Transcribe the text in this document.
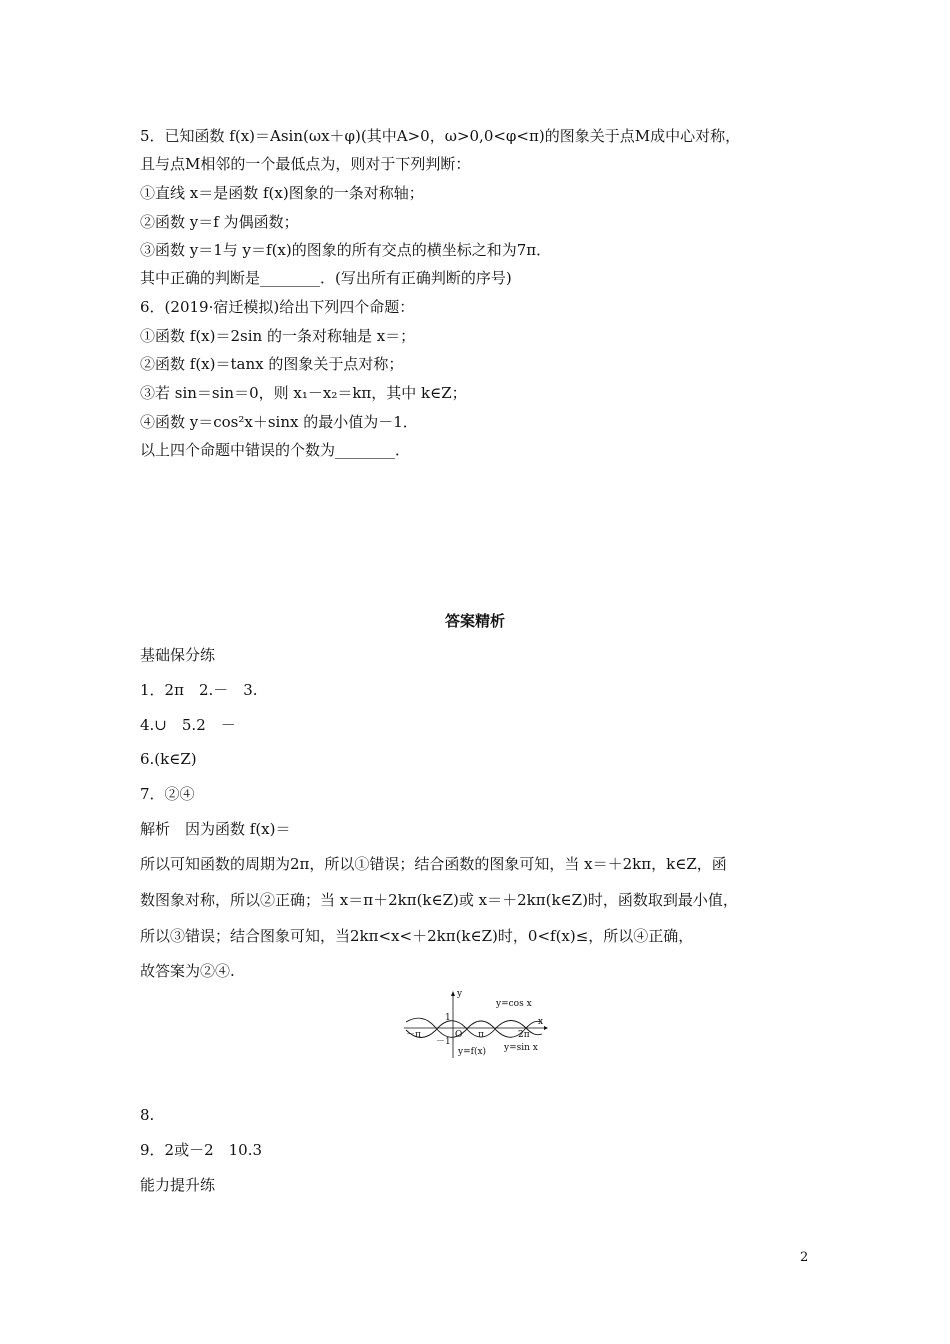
5．已知函数 f(x)＝Asin(ωx＋φ)(其中A>0，ω>0,0<φ<π)的图象关于点M成中心对称，
且与点M相邻的一个最低点为，则对于下列判断：
①直线 x＝是函数 f(x)图象的一条对称轴；
②函数 y＝f 为偶函数；
③函数 y＝1与 y＝f(x)的图象的所有交点的横坐标之和为7π．
其中正确的判断是________．(写出所有正确判断的序号)
6．(2019·宿迁模拟)给出下列四个命题：
①函数 f(x)＝2sin 的一条对称轴是 x＝；
②函数 f(x)＝tanx 的图象关于点对称；
③若 sin＝sin＝0，则 x₁－x₂＝kπ，其中 k∈Z；
④函数 y＝cos²x＋sinx 的最小值为－1．
以上四个命题中错误的个数为________．
答案精析
基础保分练
1．2π　2.－　3.
4.∪　5.2　－
6.(k∈Z)
7．②④
解析　因为函数 f(x)＝
所以可知函数的周期为2π，所以①错误；结合函数的图象可知，当 x＝＋2kπ，k∈Z，函
数图象对称，所以②正确；当 x＝π＋2kπ(k∈Z)或 x＝＋2kπ(k∈Z)时，函数取到最小值，
所以③错误；结合图象可知，当2kπ<x<＋2kπ(k∈Z)时，0<f(x)≤，所以④正确，
故答案为②④.
y
x
1
－1
O
－π	π	2π
y=cos x
y=sin x
y=f(x)
8.
9．2或－2　10.3
能力提升练
2
